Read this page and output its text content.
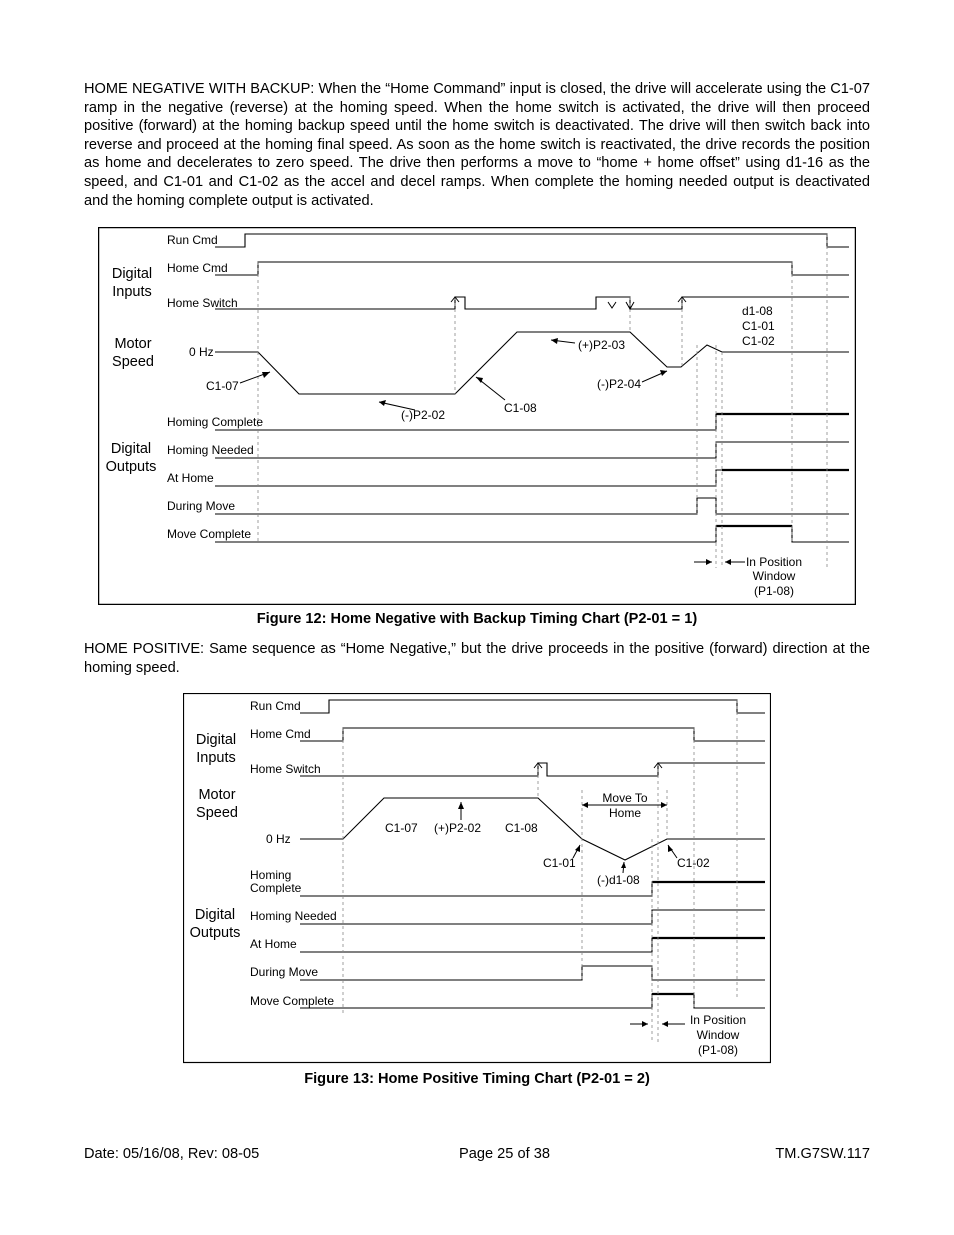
HOME NEGATIVE WITH BACKUP: When the “Home Command” input is closed, the drive will accelerate using the C1-07 ramp in the negative (reverse) at the homing speed. When the home switch is activated, the drive will then proceed positive (forward) at the homing backup speed until the home switch is deactivated. The drive will then switch back into reverse and proceed at the homing final speed. As soon as the home switch is reactivated, the drive records the position as home and decelerates to zero speed. The drive then performs a move to “home + home offset” using d1-16 as the speed, and C1-01 and C1-02 as the accel and decel ramps. When complete the homing needed output is deactivated and the homing complete output is activated.

Digital
Inputs
Motor
Speed
Digital
Outputs
Run Cmd
Home Cmd
Home Switch
0 Hz
Homing Complete
Homing Needed
At Home
During Move
Move Complete
C1-07
(-)P2-02	C1-08
(+)P2-03
(-)P2-04
d1-08
C1-01
C1-02
In Position
Window
(P1-08)
Figure 12: Home Negative with Backup Timing Chart (P2-01 = 1)

HOME POSITIVE: Same sequence as “Home Negative,” but the drive proceeds in the positive (forward) direction at the homing speed.

Digital
Inputs
Motor
Speed
Digital
Outputs
Run Cmd
Home Cmd
Home Switch
0 Hz
Homing
Complete
Homing Needed
At Home
During Move
Move Complete
C1-07 (+)P2-02 C1-08
Move To
Home
C1-01
(-)d1-08
C1-02
In Position
Window
(P1-08)
Figure 13: Home Positive Timing Chart (P2-01 = 2)
Date: 05/16/08, Rev: 08-05	Page 25 of 38	TM.G7SW.117
